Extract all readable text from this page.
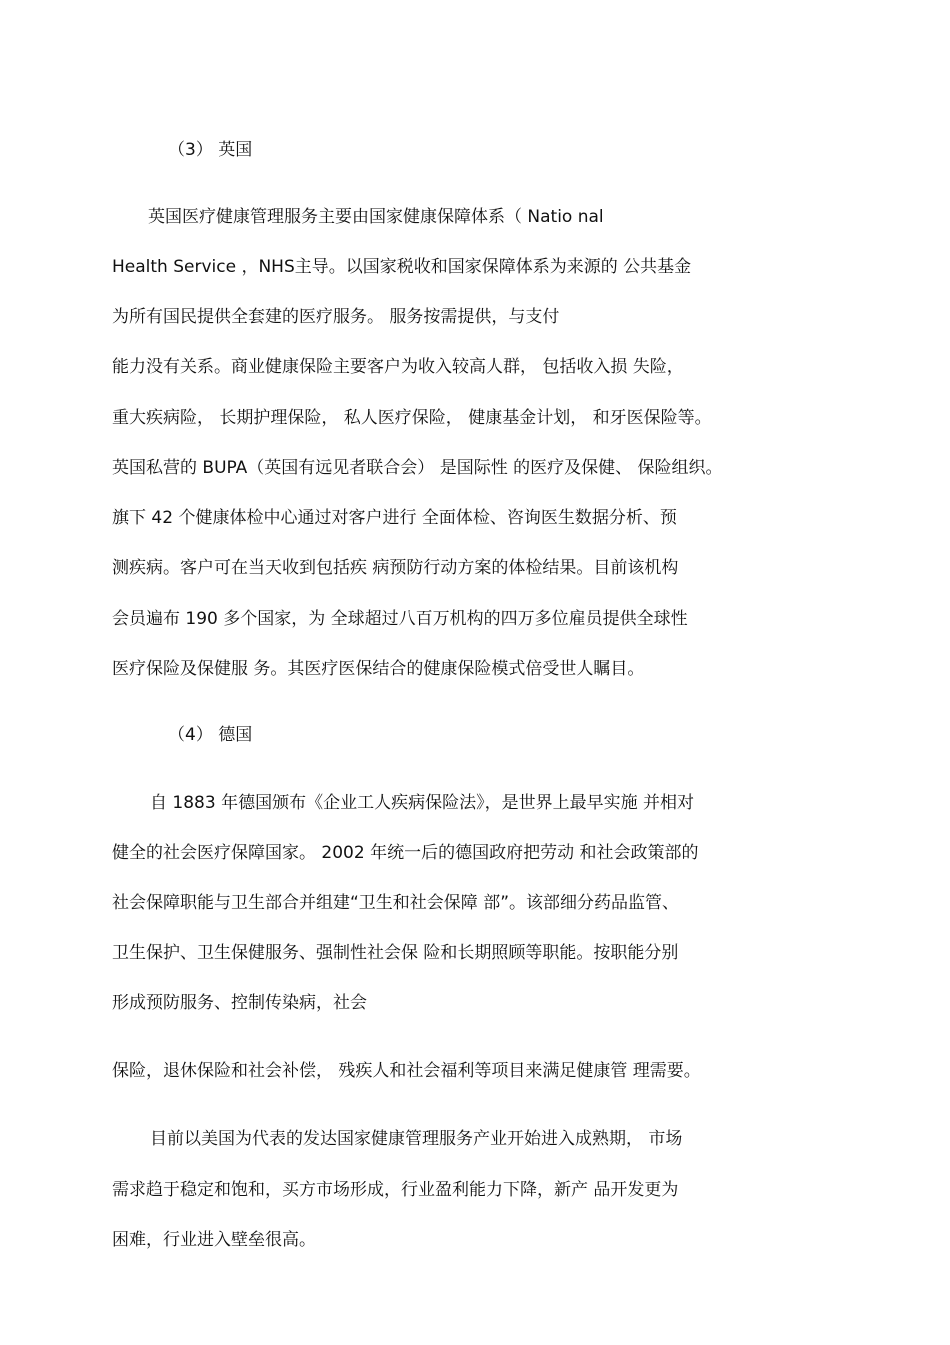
（3） 英国
英国医疗健康管理服务主要由国家健康保障体系（ Natio nal
Health Service ，NHS主导。以国家税收和国家保障体系为来源的 公共基金
为所有国民提供全套建的医疗服务。 服务按需提供，与支付
能力没有关系。商业健康保险主要客户为收入较高人群， 包括收入损 失险，
重大疾病险， 长期护理保险， 私人医疗保险， 健康基金计划， 和牙医保险等。
英国私营的 BUPA（英国有远见者联合会） 是国际性 的医疗及保健、 保险组织。
旗下 42 个健康体检中心通过对客户进行 全面体检、咨询医生数据分析、预
测疾病。客户可在当天收到包括疾 病预防行动方案的体检结果。目前该机构
会员遍布 190 多个国家，为 全球超过八百万机构的四万多位雇员提供全球性
医疗保险及保健服 务。其医疗医保结合的健康保险模式倍受世人瞩目。
（4） 德国
自 1883 年德国颁布《企业工人疾病保险法》，是世界上最早实施 并相对
健全的社会医疗保障国家。 2002 年统一后的德国政府把劳动 和社会政策部的
社会保障职能与卫生部合并组建“卫生和社会保障 部”。该部细分药品监管、
卫生保护、卫生保健服务、强制性社会保 险和长期照顾等职能。按职能分别
形成预防服务、控制传染病，社会
保险，退休保险和社会补偿， 残疾人和社会福利等项目来满足健康管 理需要。
目前以美国为代表的发达国家健康管理服务产业开始进入成熟期， 市场
需求趋于稳定和饱和，买方市场形成，行业盈利能力下降，新产 品开发更为
困难，行业进入壁垒很高。
